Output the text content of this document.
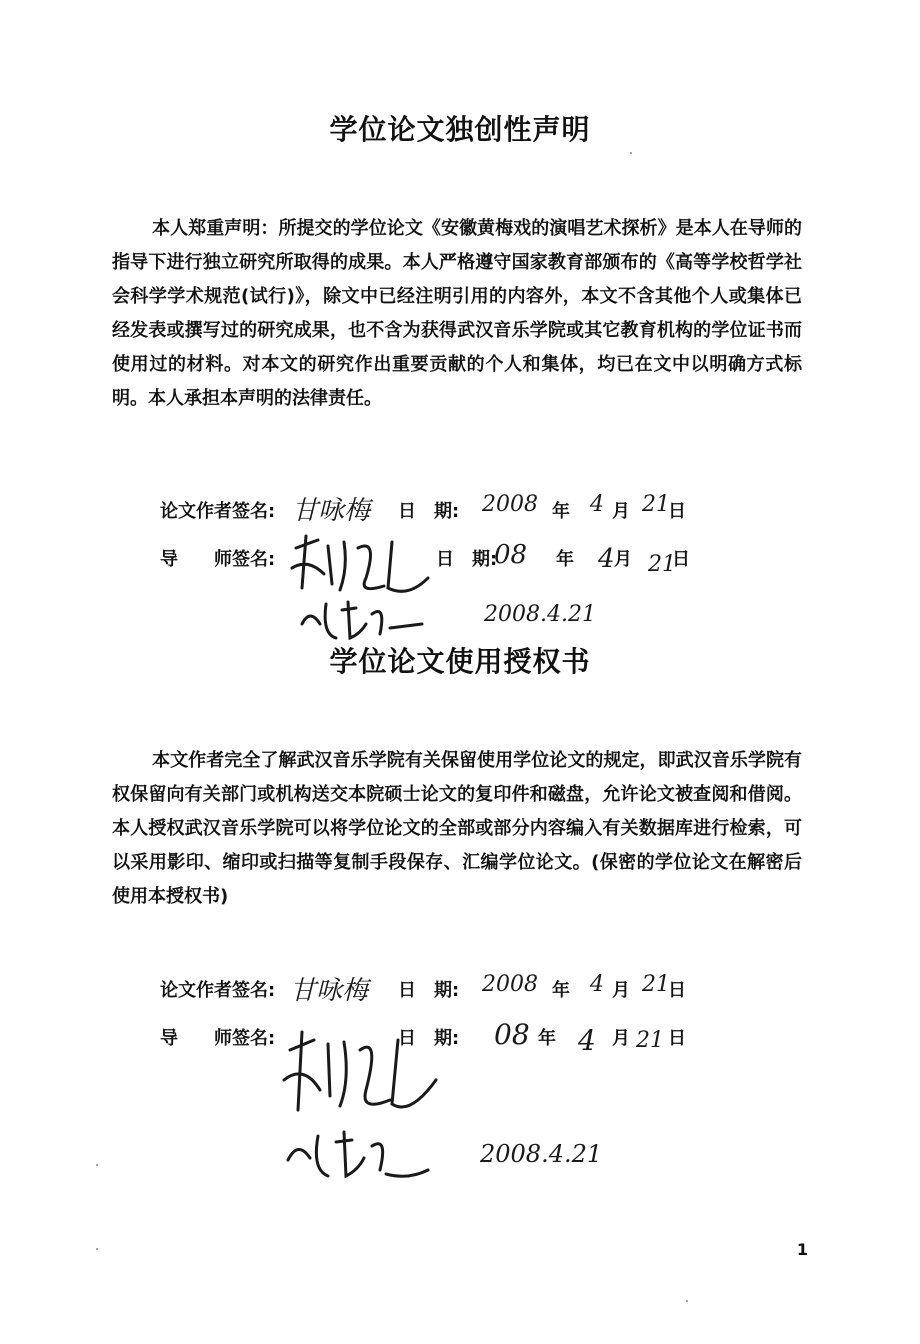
学位论文独创性声明

本人郑重声明：所提交的学位论文《安徽黄梅戏的演唱艺术探析》是本人在导师的指导下进行独立研究所取得的成果。本人严格遵守国家教育部颁布的《高等学校哲学社会科学学术规范(试行)》，除文中已经注明引用的内容外，本文不含其他个人或集体已经发表或撰写过的研究成果，也不含为获得武汉音乐学院或其它教育机构的学位证书而使用过的材料。对本文的研究作出重要贡献的个人和集体，均已在文中以明确方式标明。本人承担本声明的法律责任。

论文作者签名: 甘咏梅 日　期: 2008 年 4 月 21
日
导　　师签名:	日　期:
08 年 4 月 21
日
2008.4.21
学位论文使用授权书

本文作者完全了解武汉音乐学院有关保留使用学位论文的规定，即武汉音乐学院有权保留向有关部门或机构送交本院硕士论文的复印件和磁盘，允许论文被查阅和借阅。本人授权武汉音乐学院可以将学位论文的全部或部分内容编入有关数据库进行检索，可以采用影印、缩印或扫描等复制手段保存、汇编学位论文。(保密的学位论文在解密后使用本授权书)

论文作者签名: 甘咏梅 日　期: 2008 年 4 月 21
日
导　　师签名:	日　期: 08 年 4 月 21 日
2008.4.21
1
